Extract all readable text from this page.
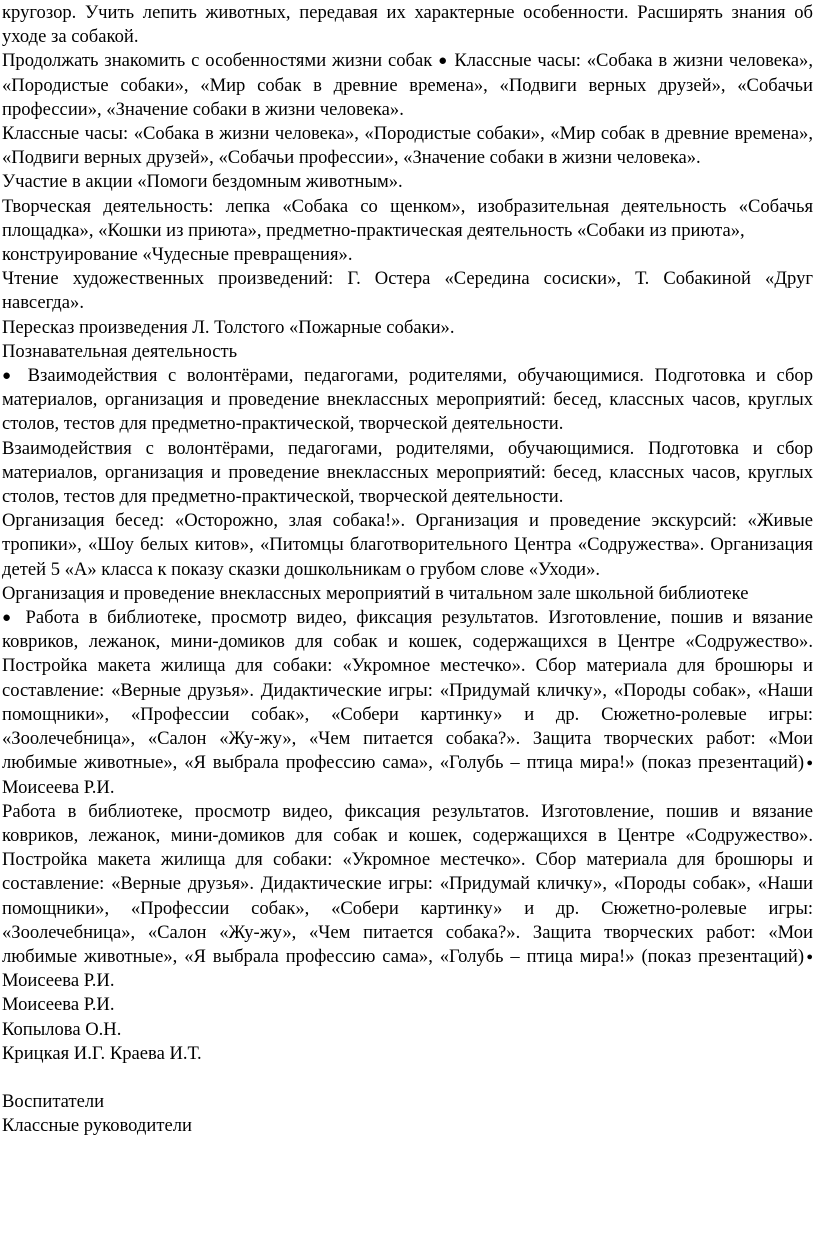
кругозор. Учить лепить животных, передавая их характерные особенности. Расширять знания об уходе за собакой.

Продолжать знакомить с особенностями жизни собак ● Классные часы: «Собака в жизни человека», «Породистые собаки», «Мир собак в древние времена», «Подвиги верных друзей», «Собачьи профессии», «Значение собаки в жизни человека».

Классные часы: «Собака в жизни человека», «Породистые собаки», «Мир собак в древние времена», «Подвиги верных друзей», «Собачьи профессии», «Значение собаки в жизни человека».

Участие в акции «Помоги бездомным животным».

Творческая деятельность: лепка «Собака со щенком», изобразительная деятельность «Собачья площадка», «Кошки из приюта», предметно-практическая деятельность «Собаки из приюта»,

конструирование «Чудесные превращения».

Чтение художественных произведений: Г. Остера «Середина сосиски», Т. Собакиной «Друг навсегда».

Пересказ произведения Л. Толстого «Пожарные собаки».

Познавательная деятельность

● Взаимодействия с волонтёрами, педагогами, родителями, обучающимися. Подготовка и сбор материалов, организация и проведение внеклассных мероприятий: бесед, классных часов, круглых столов, тестов для предметно-практической, творческой деятельности.

Взаимодействия с волонтёрами, педагогами, родителями, обучающимися. Подготовка и сбор материалов, организация и проведение внеклассных мероприятий: бесед, классных часов, круглых столов, тестов для предметно-практической, творческой деятельности.

Организация бесед: «Осторожно, злая собака!». Организация и проведение экскурсий: «Живые тропики», «Шоу белых китов», «Питомцы благотворительного Центра «Содружества». Организация детей 5 «А» класса к показу сказки дошкольникам о грубом слове «Уходи».

Организация и проведение внеклассных мероприятий в читальном зале школьной библиотеке

● Работа в библиотеке, просмотр видео, фиксация результатов. Изготовление, пошив и вязание ковриков, лежанок, мини-домиков для собак и кошек, содержащихся в Центре «Содружество». Постройка макета жилища для собаки: «Укромное местечко». Сбор материала для брошюры и составление: «Верные друзья». Дидактические игры: «Придумай кличку», «Породы собак», «Наши помощники», «Профессии собак», «Собери картинку» и др. Сюжетно-ролевые игры: «Зоолечебница», «Салон «Жу-жу», «Чем питается собака?». Защита творческих работ: «Мои любимые животные», «Я выбрала профессию сама», «Голубь – птица мира!» (показ презентаций)● Моисеева Р.И.

Работа в библиотеке, просмотр видео, фиксация результатов. Изготовление, пошив и вязание ковриков, лежанок, мини-домиков для собак и кошек, содержащихся в Центре «Содружество». Постройка макета жилища для собаки: «Укромное местечко». Сбор материала для брошюры и составление: «Верные друзья». Дидактические игры: «Придумай кличку», «Породы собак», «Наши помощники», «Профессии собак», «Собери картинку» и др. Сюжетно-ролевые игры: «Зоолечебница», «Салон «Жу-жу», «Чем питается собака?». Защита творческих работ: «Мои любимые животные», «Я выбрала профессию сама», «Голубь – птица мира!» (показ презентаций)● Моисеева Р.И.

Моисеева Р.И.

Копылова О.Н.

Крицкая И.Г. Краева И.Т.

Воспитатели

Классные руководители
